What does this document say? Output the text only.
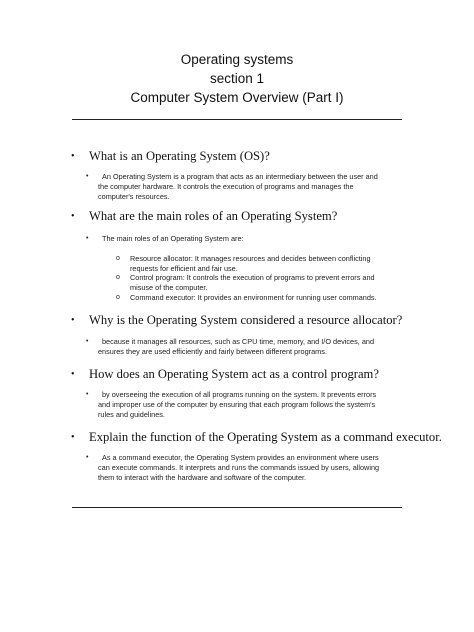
Operating systems
section 1
Computer System Overview (Part I)
• What is an Operating System (OS)?
•	An Operating System is a program that acts as an intermediary between the user and
the computer hardware. It controls the execution of programs and manages the
computer's resources.
• What are the main roles of an Operating System?
•	The main roles of an Operating System are:
o Resource allocator: It manages resources and decides between conflicting
requests for efficient and fair use.
o Control program: It controls the execution of programs to prevent errors and
misuse of the computer.
o Command executor: It provides an environment for running user commands.
• Why is the Operating System considered a resource allocator?
•	because it manages all resources, such as CPU time, memory, and I/O devices, and
ensures they are used efficiently and fairly between different programs.
• How does an Operating System act as a control program?
•	by overseeing the execution of all programs running on the system. It prevents errors
and improper use of the computer by ensuring that each program follows the system's
rules and guidelines.
• Explain the function of the Operating System as a command executor.
•	As a command executor, the Operating System provides an environment where users
can execute commands. It interprets and runs the commands issued by users, allowing
them to interact with the hardware and software of the computer.
